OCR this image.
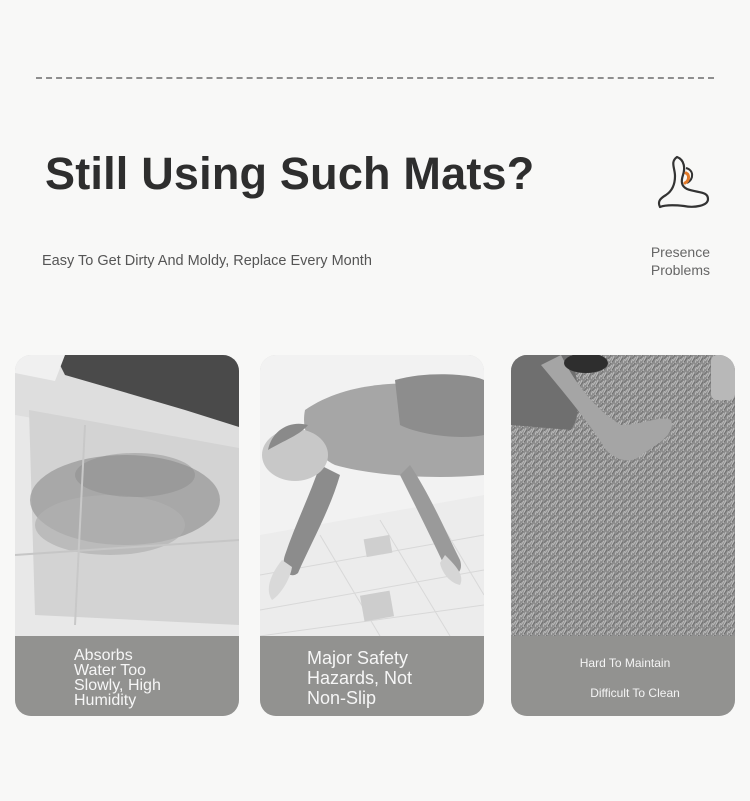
Still Using Such Mats?
Easy To Get Dirty And Moldy, Replace Every Month
Presence
Problems
Absorbs
Water Too
Slowly, High
Humidity
Major Safety
Hazards, Not
Non-Slip
Hard To Maintain
Difficult To Clean
